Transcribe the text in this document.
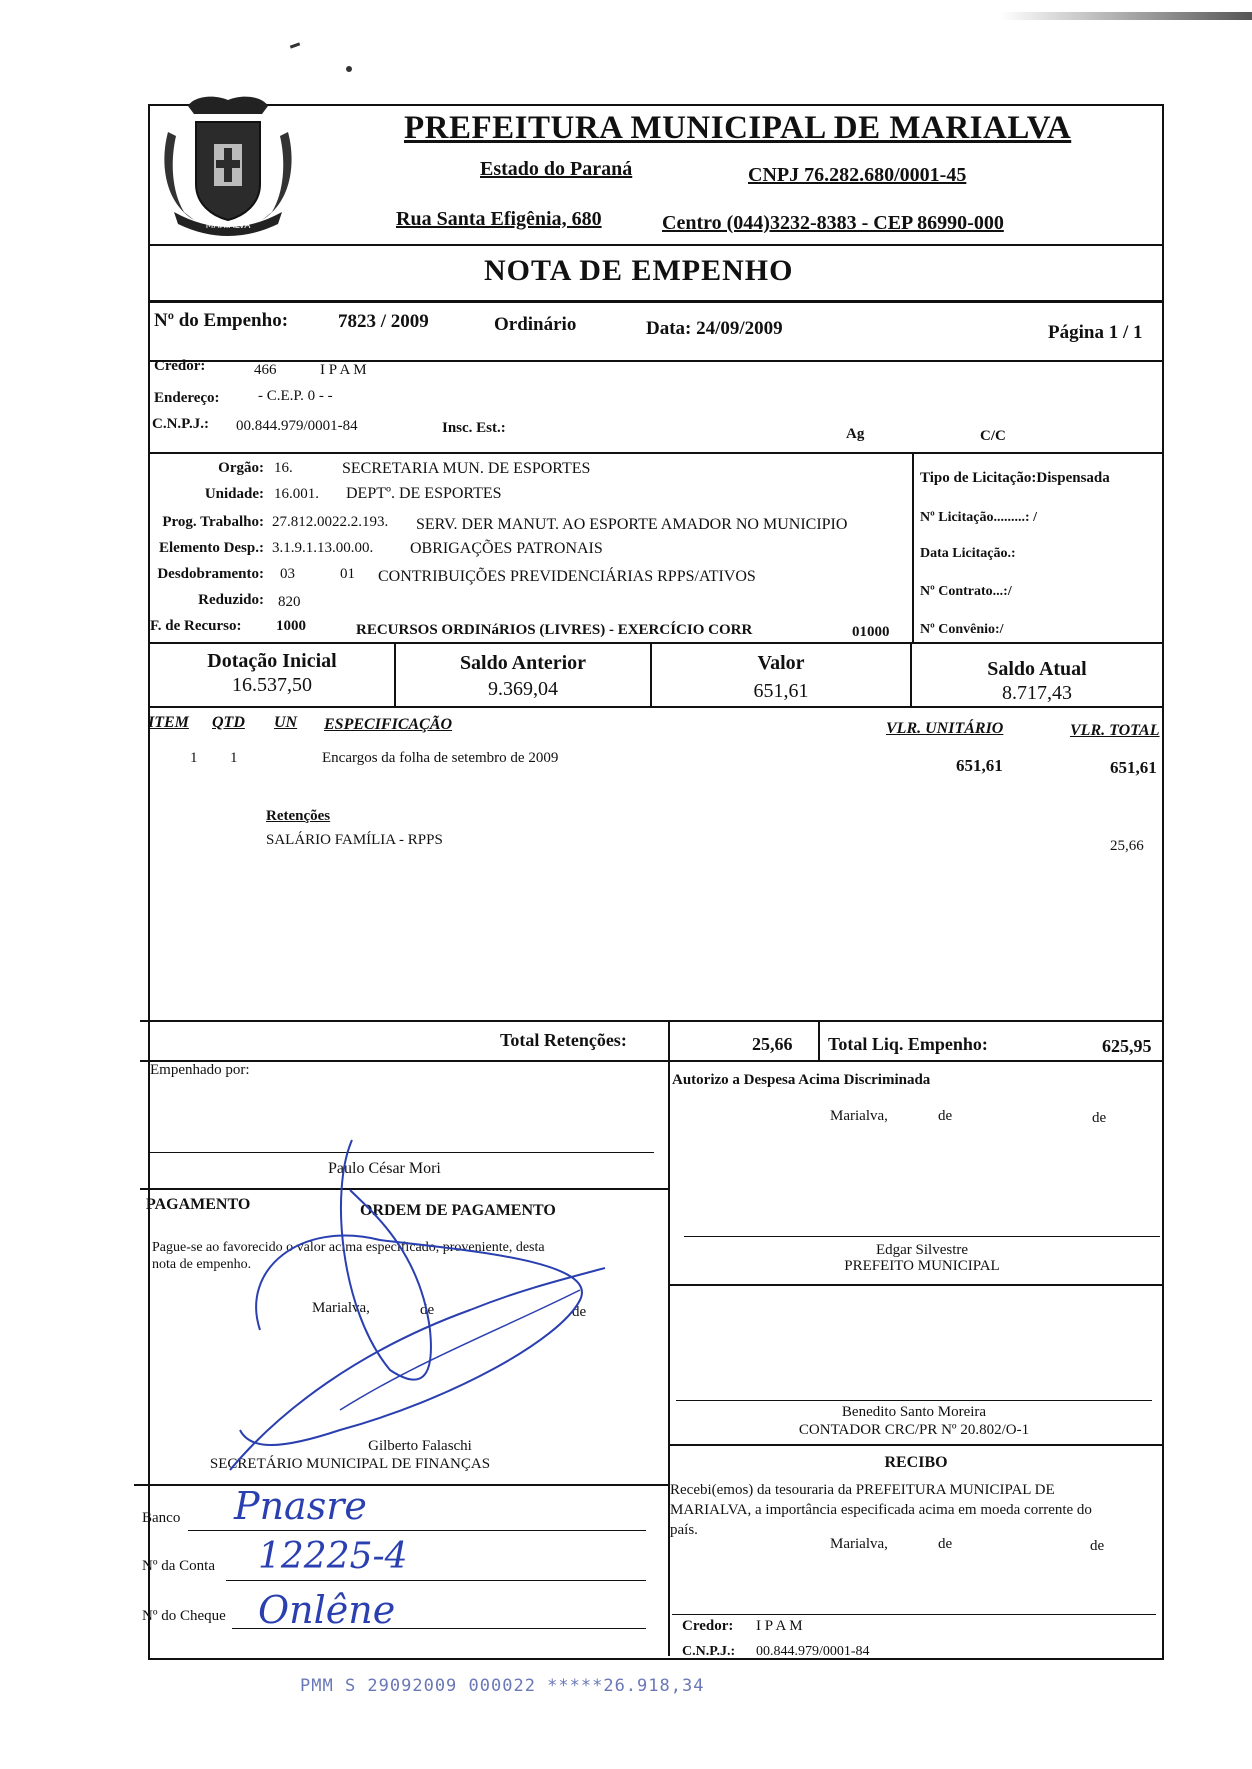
MARIALVA
PREFEITURA MUNICIPAL DE MARIALVA
Estado do Paraná	CNPJ 76.282.680/0001-45
Rua Santa Efigênia, 680	Centro (044)3232-8383 - CEP 86990-000
NOTA DE EMPENHO
Nº do Empenho:	7823 / 2009	Ordinário	Data: 24/09/2009	Página 1 / 1
Credor:	466	I P A M
Endereço:	- C.E.P. 0 - -
C.N.P.J.: 00.844.979/0001-84	Insc. Est.:	Ag	C/C
Orgão: 16.	SECRETARIA MUN. DE ESPORTES
Unidade: 16.001. DEPTº. DE ESPORTES
Prog. Trabalho: 27.812.0022.2.193. SERV. DER MANUT. AO ESPORTE AMADOR NO MUNICIPIO
Elemento Desp.: 3.1.9.1.13.00.00. OBRIGAÇÕES PATRONAIS
Desdobramento: 03	01 CONTRIBUIÇÕES PREVIDENCIÁRIAS RPPS/ATIVOS
Reduzido: 820
F. de Recurso: 1000	RECURSOS ORDINáRIOS (LIVRES) - EXERCÍCIO CORR	01000
Tipo de Licitação:Dispensada
Nº Licitação.........: /
Data Licitação.:
Nº Contrato...:/
Nº Convênio:/
Dotação Inicial
16.537,50
Saldo Anterior
9.369,04
Valor
651,61
Saldo Atual
8.717,43
ITEM QTD UN ESPECIFICAÇÃO	VLR. UNITÁRIO	VLR. TOTAL
1 1	Encargos da folha de setembro de 2009	651,61	651,61
Retenções
SALÁRIO FAMÍLIA - RPPS	25,66
Total Retenções:	25,66 Total Liq. Empenho:	625,95
Empenhado por:
Paulo César Mori
Autorizo a Despesa Acima Discriminada
Marialva,	de	de
Edgar Silvestre
PREFEITO MUNICIPAL
Benedito Santo Moreira
CONTADOR CRC/PR Nº 20.802/O-1
PAGAMENTO	ORDEM DE PAGAMENTO
Pague-se ao favorecido o valor acima especificado, proveniente, desta
nota de empenho.
Marialva,	de	de
Gilberto Falaschi
SECRETÁRIO MUNICIPAL DE FINANÇAS
Banco Pnasre
Nº da Conta 12225-4
Nº do Cheque Onlêne
RECIBO
Recebi(emos) da tesouraria da PREFEITURA MUNICIPAL DE
MARIALVA, a importância especificada acima em moeda corrente do
país.
Marialva,	de	de
Credor: I P A M
C.N.P.J.: 00.844.979/0001-84
PMM S 29092009 000022 *****26.918,34
